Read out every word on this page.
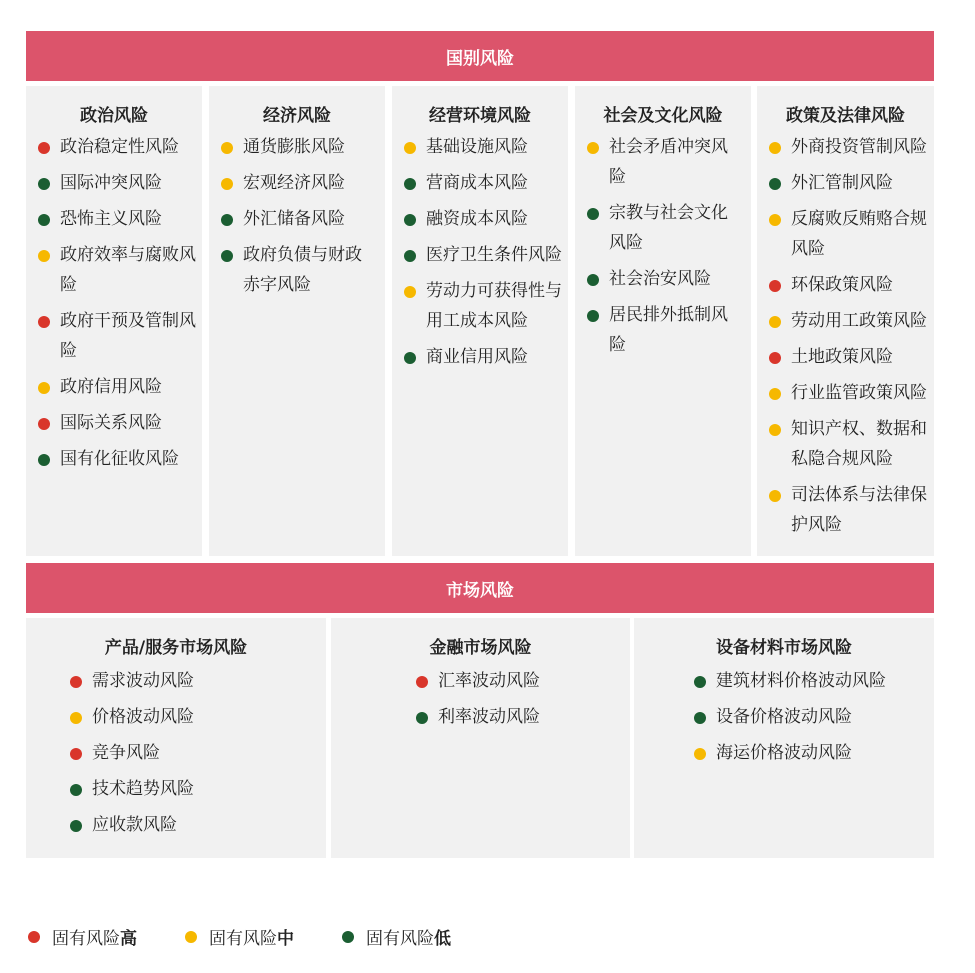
国别风险
政治风险
政治稳定性风险
国际冲突风险
恐怖主义风险
政府效率与腐败风险
政府干预及管制风险
政府信用风险
国际关系风险
国有化征收风险
经济风险
通货膨胀风险
宏观经济风险
外汇储备风险
政府负债与财政赤字风险
经营环境风险
基础设施风险
营商成本风险
融资成本风险
医疗卫生条件风险
劳动力可获得性与用工成本风险
商业信用风险
社会及文化风险
社会矛盾冲突风险
宗教与社会文化风险
社会治安风险
居民排外抵制风险
政策及法律风险
外商投资管制风险
外汇管制风险
反腐败反贿赂合规风险
环保政策风险
劳动用工政策风险
土地政策风险
行业监管政策风险
知识产权、数据和私隐合规风险
司法体系与法律保护风险
市场风险
产品/服务市场风险
需求波动风险
价格波动风险
竞争风险
技术趋势风险
应收款风险
金融市场风险
汇率波动风险
利率波动风险
设备材料市场风险
建筑材料价格波动风险
设备价格波动风险
海运价格波动风险
固有风险 高	固有风险 中	固有风险 低
